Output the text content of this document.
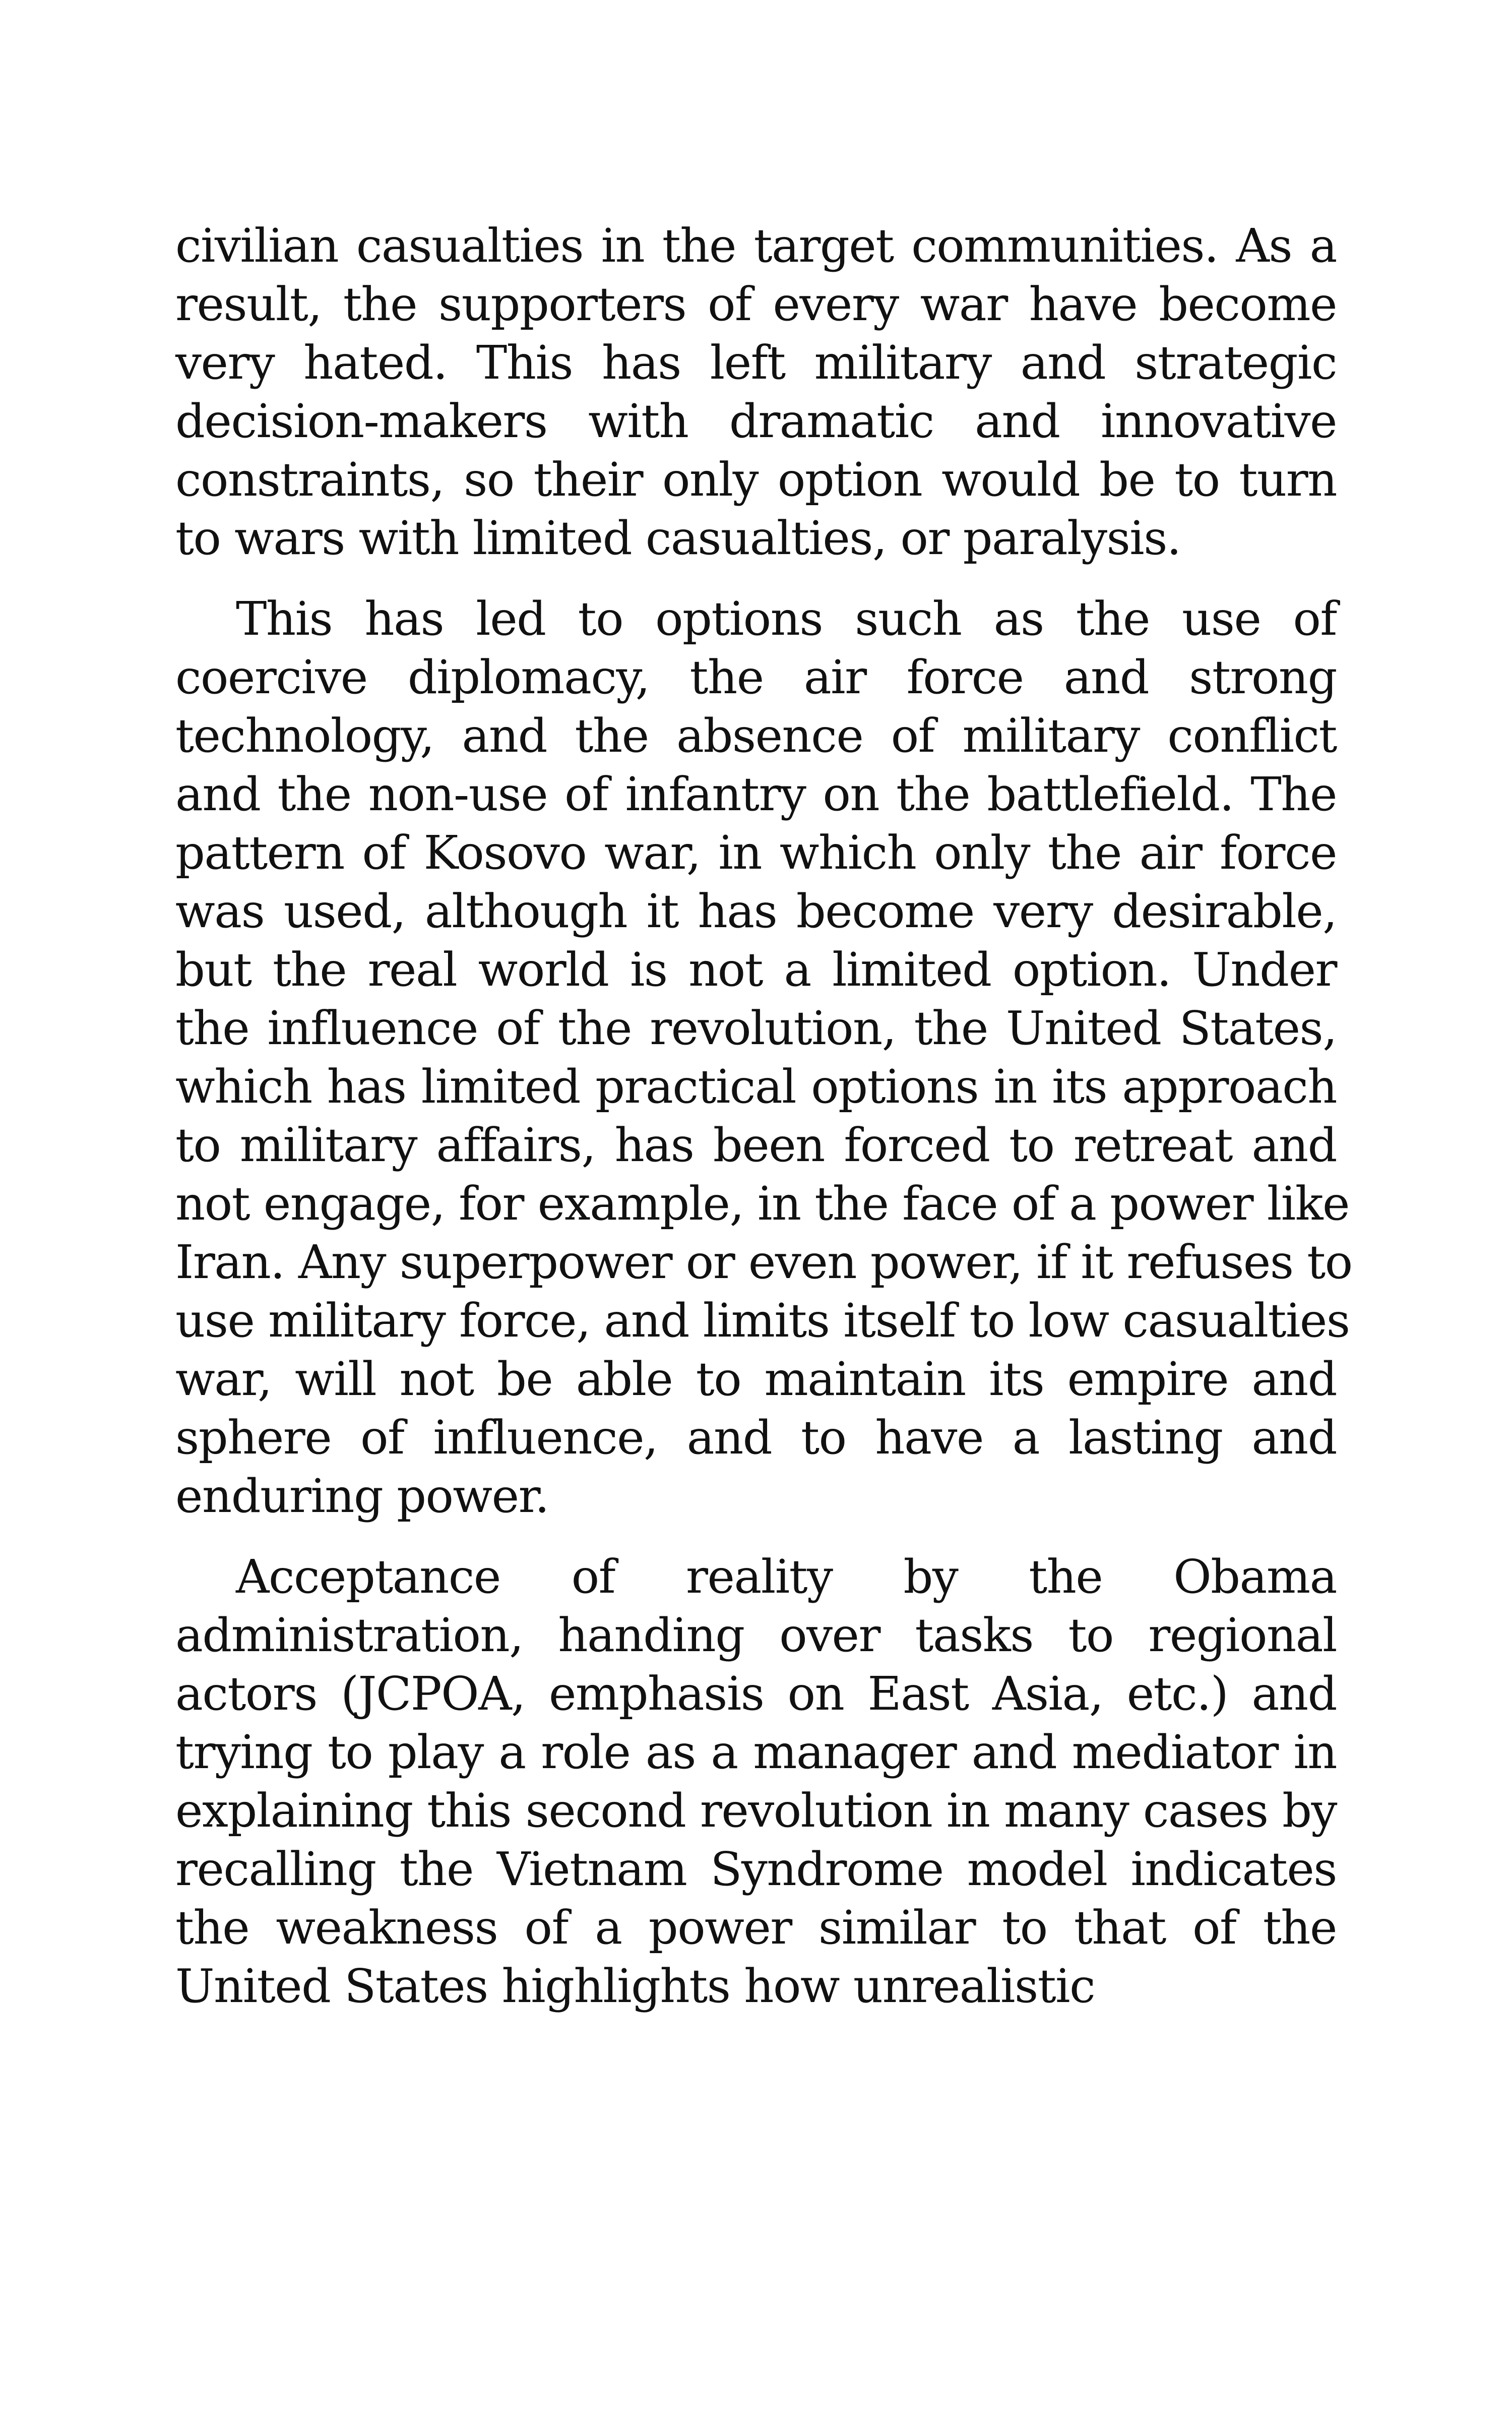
civilian casualties in the target communities. As a
result, the supporters of every war have become
very hated. This has left military and strategic
decision-makers with dramatic and innovative
constraints, so their only option would be to turn
to wars with limited casualties, or paralysis.
This has led to options such as the use of
coercive diplomacy, the air force and strong
technology, and the absence of military conflict
and the non-use of infantry on the battlefield. The
pattern of Kosovo war, in which only the air force
was used, although it has become very desirable,
but the real world is not a limited option. Under
the influence of the revolution, the United States,
which has limited practical options in its approach
to military affairs, has been forced to retreat and
not engage, for example, in the face of a power like
Iran. Any superpower or even power, if it refuses to
use military force, and limits itself to low casualties
war, will not be able to maintain its empire and
sphere of influence, and to have a lasting and
enduring power.
Acceptance of reality by the Obama
administration, handing over tasks to regional
actors (JCPOA, emphasis on East Asia, etc.) and
trying to play a role as a manager and mediator in
explaining this second revolution in many cases by
recalling the Vietnam Syndrome model indicates
the weakness of a power similar to that of the
United States highlights how unrealistic
